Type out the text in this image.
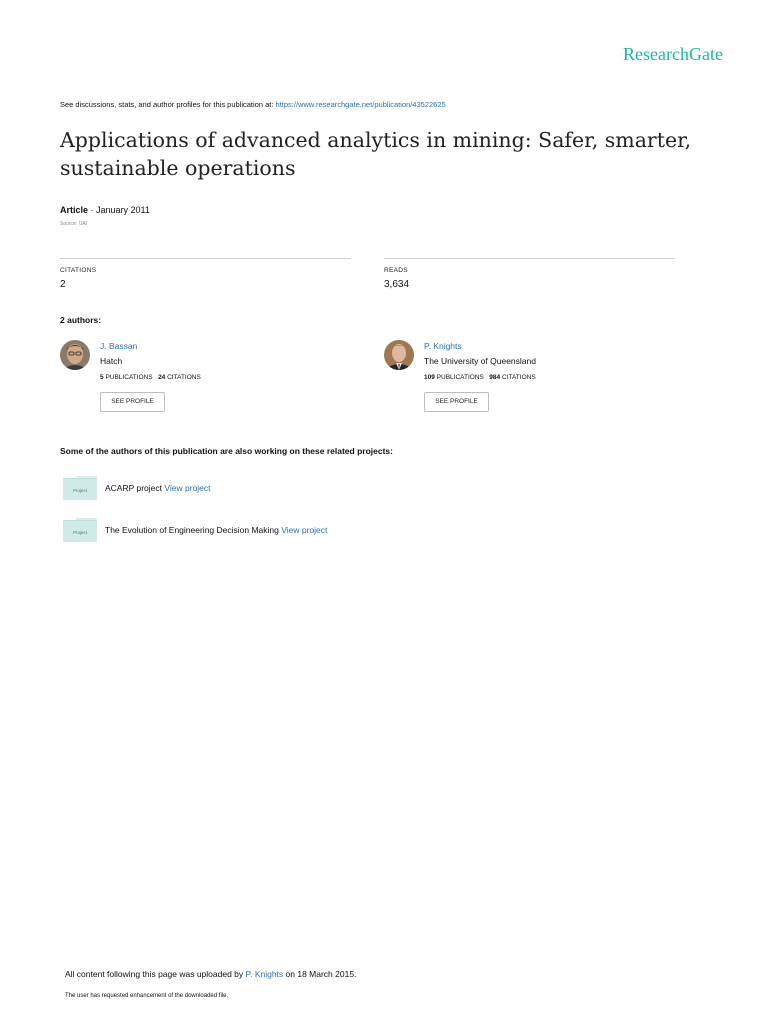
ResearchGate
See discussions, stats, and author profiles for this publication at: https://www.researchgate.net/publication/43522625
Applications of advanced analytics in mining: Safer, smarter, sustainable operations
Article · January 2011
Source: OAI
CITATIONS
2
READS
3,634
2 authors:
J. Bassan
Hatch
5 PUBLICATIONS 24 CITATIONS
SEE PROFILE
P. Knights
The University of Queensland
109 PUBLICATIONS 984 CITATIONS
SEE PROFILE
Some of the authors of this publication are also working on these related projects:
Project	ACARP project View project
Project	The Evolution of Engineering Decision Making View project
All content following this page was uploaded by P. Knights on 18 March 2015.
The user has requested enhancement of the downloaded file.
